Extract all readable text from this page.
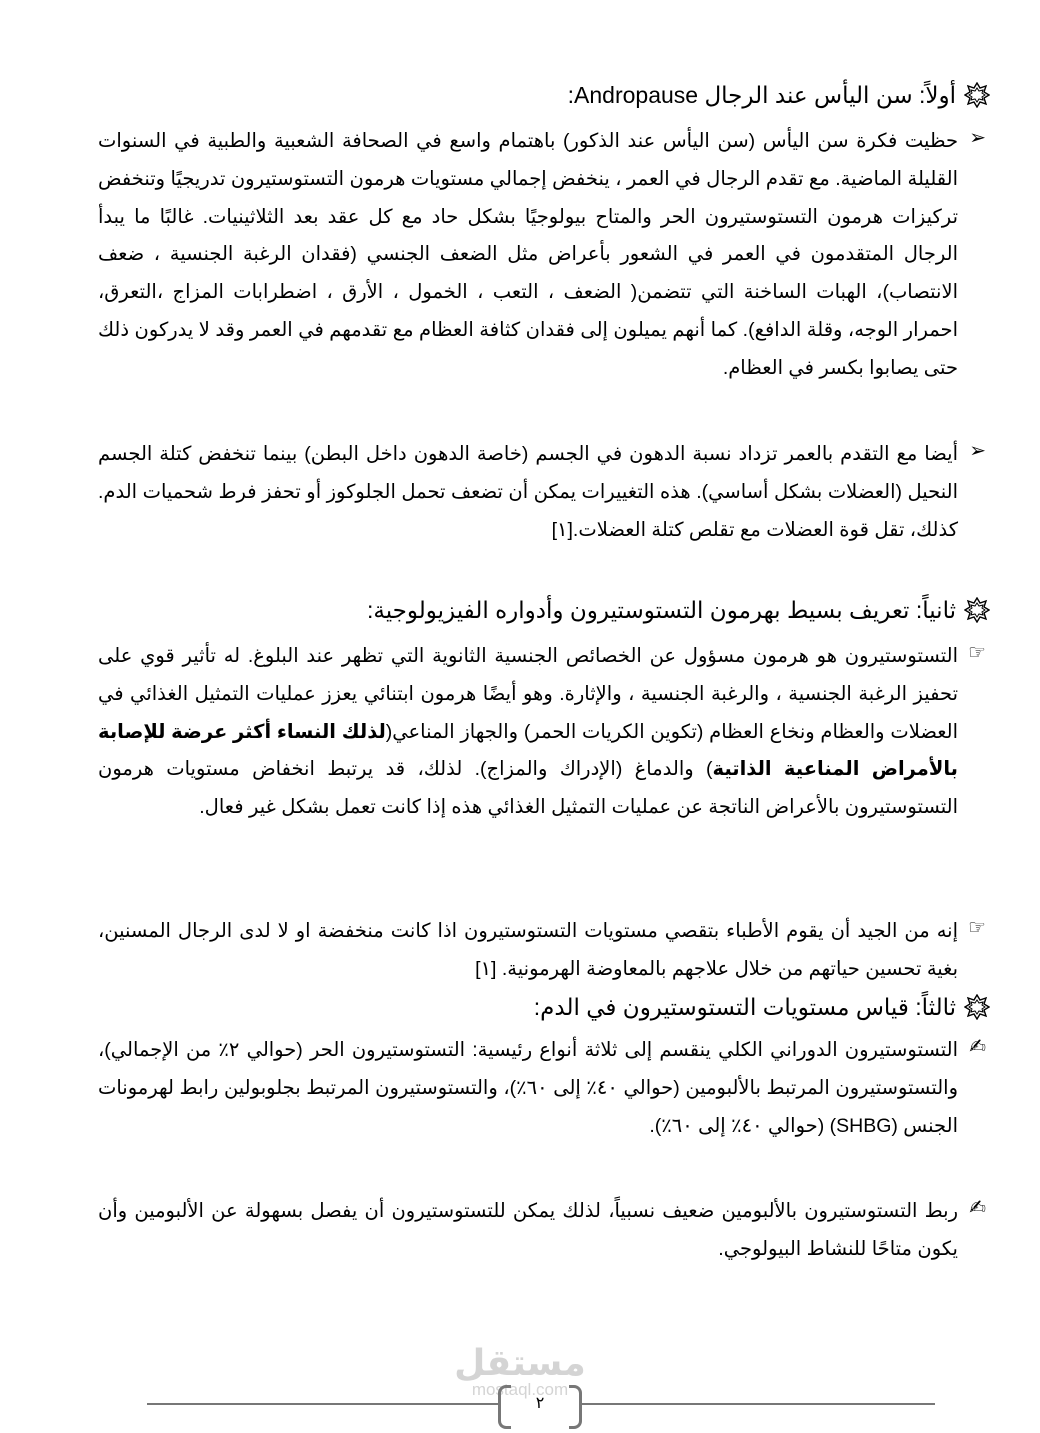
أولاً: سن اليأس عند الرجال Andropause:
➢
حظيت فكرة سن اليأس (سن اليأس عند الذكور) باهتمام واسع في الصحافة الشعبية والطبية في السنوات القليلة الماضية. مع تقدم الرجال في العمر ، ينخفض إجمالي مستويات هرمون التستوستيرون تدريجيًا وتنخفض تركيزات هرمون التستوستيرون الحر والمتاح بيولوجيًا بشكل حاد مع كل عقد بعد الثلاثينيات. غالبًا ما يبدأ الرجال المتقدمون في العمر في الشعور بأعراض مثل الضعف الجنسي (فقدان الرغبة الجنسية ، ضعف الانتصاب)، الهبات الساخنة التي تتضمن( الضعف ، التعب ، الخمول ، الأرق ، اضطرابات المزاج ،التعرق، احمرار الوجه، وقلة الدافع). كما أنهم يميلون إلى فقدان كثافة العظام مع تقدمهم في العمر وقد لا يدركون ذلك حتى يصابوا بكسر في العظام.
➢
أيضا مع التقدم بالعمر تزداد نسبة الدهون في الجسم (خاصة الدهون داخل البطن) بينما تنخفض كتلة الجسم النحيل (العضلات بشكل أساسي). هذه التغييرات يمكن أن تضعف تحمل الجلوكوز أو تحفز فرط شحميات الدم. كذلك، تقل قوة العضلات مع تقلص كتلة العضلات.[١]
ثانياً: تعريف بسيط بهرمون التستوستيرون وأدواره الفيزيولوجية:
☞
التستوستيرون هو هرمون مسؤول عن الخصائص الجنسية الثانوية التي تظهر عند البلوغ. له تأثير قوي على تحفيز الرغبة الجنسية ، والرغبة الجنسية ، والإثارة. وهو أيضًا هرمون ابتنائي يعزز عمليات التمثيل الغذائي في العضلات والعظام ونخاع العظام (تكوين الكريات الحمر) والجهاز المناعي(لذلك النساء أكثر عرضة للإصابة بالأمراض المناعية الذاتية) والدماغ (الإدراك والمزاج). لذلك، قد يرتبط انخفاض مستويات هرمون التستوستيرون بالأعراض الناتجة عن عمليات التمثيل الغذائي هذه إذا كانت تعمل بشكل غير فعال.
☞
إنه من الجيد أن يقوم الأطباء بتقصي مستويات التستوستيرون اذا كانت منخفضة او لا لدى الرجال المسنين، بغية تحسين حياتهم من خلال علاجهم بالمعاوضة الهرمونية. [١]
ثالثاً: قياس مستويات التستوستيرون في الدم:
✍
التستوستيرون الدوراني الكلي ينقسم إلى ثلاثة أنواع رئيسية: التستوستيرون الحر (حوالي ٢٪ من الإجمالي)، والتستوستيرون المرتبط بالألبومين (حوالي ٤٠٪ إلى ٦٠٪)، والتستوستيرون المرتبط بجلوبولين رابط لهرمونات الجنس (SHBG) (حوالي ٤٠٪ إلى ٦٠٪).
✍
ربط التستوستيرون بالألبومين ضعيف نسبياً، لذلك يمكن للتستوستيرون أن يفصل بسهولة عن الألبومين وأن يكون متاحًا للنشاط البيولوجي.
مستقل
mostaql.com
٢
